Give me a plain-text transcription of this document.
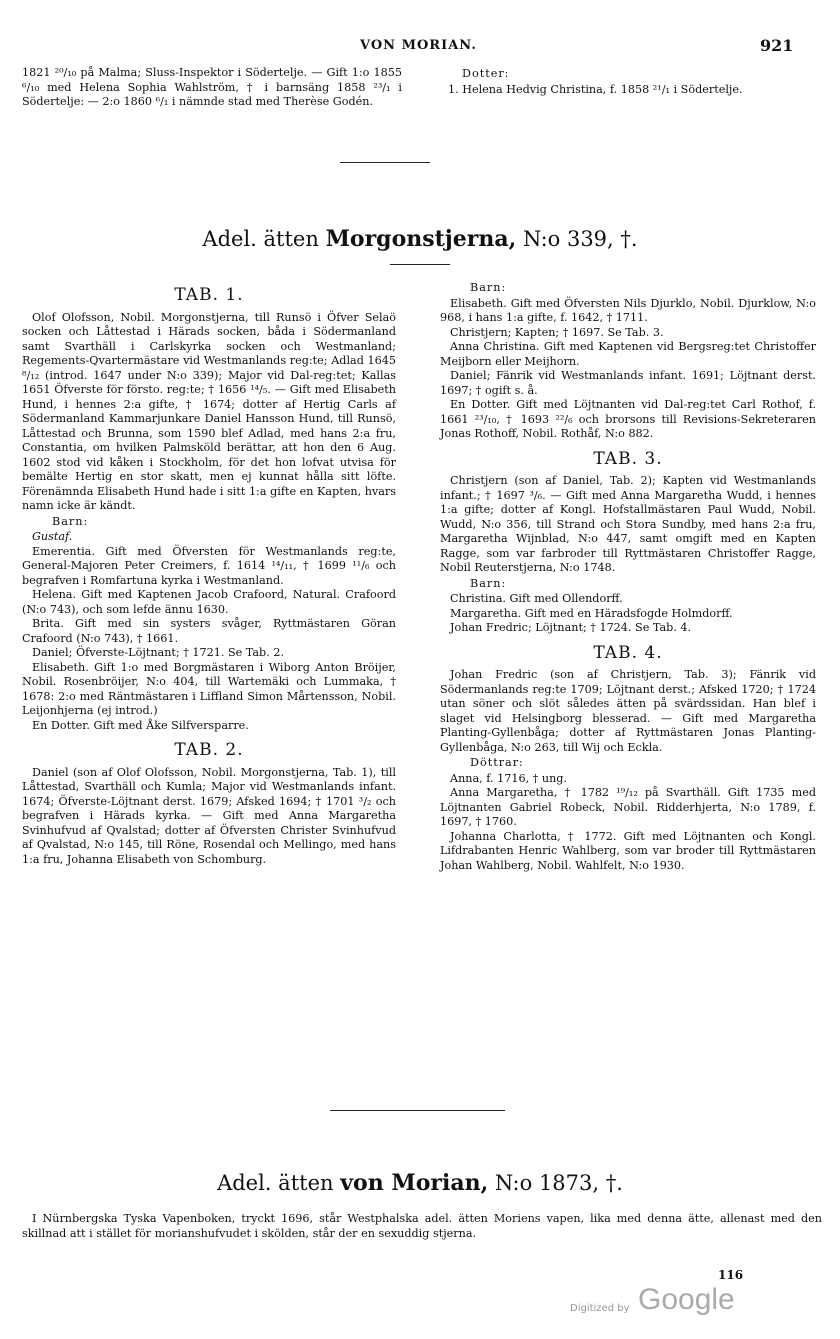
VON MORIAN.	921

1821 ²⁰/₁₀ på Malma; Sluss-Inspektor i Södertelje. — Gift 1:o 1855 ⁶/₁₀ med Helena Sophia Wahlström, † i barnsäng 1858 ²³/₁ i Södertelje: — 2:o 1860 ⁶/₁ i nämnde stad med Therèse Godén.

Dotter:

1. Helena Hedvig Christina, f. 1858 ²¹/₁ i Södertelje.

Adel. ätten Morgonstjerna, N:o 339, †.

TAB. 1.

Olof Olofsson, Nobil. Morgonstjerna, till Runsö i Öfver Selaö socken och Låttestad i Härads socken, båda i Södermanland samt Svarthäll i Carlskyrka socken och Westmanland; Regements-Qvartermästare vid Westmanlands reg:te; Adlad 1645 ⁸/₁₂ (introd. 1647 under N:o 339); Major vid Dal-reg:tet; Kallas 1651 Öfverste för försto. reg:te; † 1656 ¹⁴/₅. — Gift med Elisabeth Hund, i hennes 2:a gifte, † 1674; dotter af Hertig Carls af Södermanland Kammarjunkare Daniel Hansson Hund, till Runsö, Låttestad och Brunna, som 1590 blef Adlad, med hans 2:a fru, Constantia, om hvilken Palmsköld berättar, att hon den 6 Aug. 1602 stod vid kåken i Stockholm, för det hon lofvat utvisa för bemälte Hertig en stor skatt, men ej kunnat hålla sitt löfte. Förenämnda Elisabeth Hund hade i sitt 1:a gifte en Kapten, hvars namn icke är kändt.

Barn:

Gustaf.

Emerentia. Gift med Öfversten för Westmanlands reg:te, General-Majoren Peter Creimers, f. 1614 ¹⁴/₁₁, † 1699 ¹¹/₆ och begrafven i Romfartuna kyrka i Westmanland.

Helena. Gift med Kaptenen Jacob Crafoord, Natural. Crafoord (N:o 743), och som lefde ännu 1630.

Brita. Gift med sin systers svåger, Ryttmästaren Göran Crafoord (N:o 743), † 1661.

Daniel; Öfverste-Löjtnant; † 1721. Se Tab. 2.

Elisabeth. Gift 1:o med Borgmästaren i Wiborg Anton Bröijer, Nobil. Rosenbröijer, N:o 404, till Wartemäki och Lummaka, † 1678: 2:o med Räntmästaren i Liffland Simon Mårtensson, Nobil. Leijonhjerna (ej introd.)

En Dotter. Gift med Åke Silfversparre.

TAB. 2.

Daniel (son af Olof Olofsson, Nobil. Morgonstjerna, Tab. 1), till Låttestad, Svarthäll och Kumla; Major vid Westmanlands infant. 1674; Öfverste-Löjtnant derst. 1679; Afsked 1694; † 1701 ³/₂ och begrafven i Härads kyrka. — Gift med Anna Margaretha Svinhufvud af Qvalstad; dotter af Öfversten Christer Svinhufvud af Qvalstad, N:o 145, till Röne, Rosendal och Mellingo, med hans 1:a fru, Johanna Elisabeth von Schomburg.

Barn:

Elisabeth. Gift med Öfversten Nils Djurklo, Nobil. Djurklow, N:o 968, i hans 1:a gifte, f. 1642, † 1711.

Christjern; Kapten; † 1697. Se Tab. 3.

Anna Christina. Gift med Kaptenen vid Bergsreg:tet Christoffer Meijborn eller Meijhorn.

Daniel; Fänrik vid Westmanlands infant. 1691; Löjtnant derst. 1697; † ogift s. å.

En Dotter. Gift med Löjtnanten vid Dal-reg:tet Carl Rothof, f. 1661 ²³/₁₀, † 1693 ²²/₆ och brorsons till Revisions-Sekreteraren Jonas Rothoff, Nobil. Rothåf, N:o 882.

TAB. 3.

Christjern (son af Daniel, Tab. 2); Kapten vid Westmanlands infant.; † 1697 ³/₆. — Gift med Anna Margaretha Wudd, i hennes 1:a gifte; dotter af Kongl. Hofstallmästaren Paul Wudd, Nobil. Wudd, N:o 356, till Strand och Stora Sundby, med hans 2:a fru, Margaretha Wijnblad, N:o 447, samt omgift med en Kapten Ragge, som var farbroder till Ryttmästaren Christoffer Ragge, Nobil Reuterstjerna, N:o 1748.

Barn:

Christina. Gift med Ollendorff.

Margaretha. Gift med en Häradsfogde Holmdorff.

Johan Fredric; Löjtnant; † 1724. Se Tab. 4.

TAB. 4.

Johan Fredric (son af Christjern, Tab. 3); Fänrik vid Södermanlands reg:te 1709; Löjtnant derst.; Afsked 1720; † 1724 utan söner och slöt således ätten på svärdssidan. Han blef i slaget vid Helsingborg blesserad. — Gift med Margaretha Planting-Gyllenbåga; dotter af Ryttmästaren Jonas Planting-Gyllenbåga, N:o 263, till Wij och Eckla.

Döttrar:

Anna, f. 1716, † ung.

Anna Margaretha, † 1782 ¹⁹/₁₂ på Svarthäll. Gift 1735 med Löjtnanten Gabriel Robeck, Nobil. Ridderhjerta, N:o 1789, f. 1697, † 1760.

Johanna Charlotta, † 1772. Gift med Löjtnanten och Kongl. Lifdrabanten Henric Wahlberg, som var broder till Ryttmästaren Johan Wahlberg, Nobil. Wahlfelt, N:o 1930.

Adel. ätten von Morian, N:o 1873, †.

I Nürnbergska Tyska Vapenboken, tryckt 1696, står Westphalska adel. ätten Moriens vapen, lika med denna ätte, allenast med den skillnad att i stället för morianshufvudet i skölden, står der en sexuddig stjerna.

116
Digitized by Google
